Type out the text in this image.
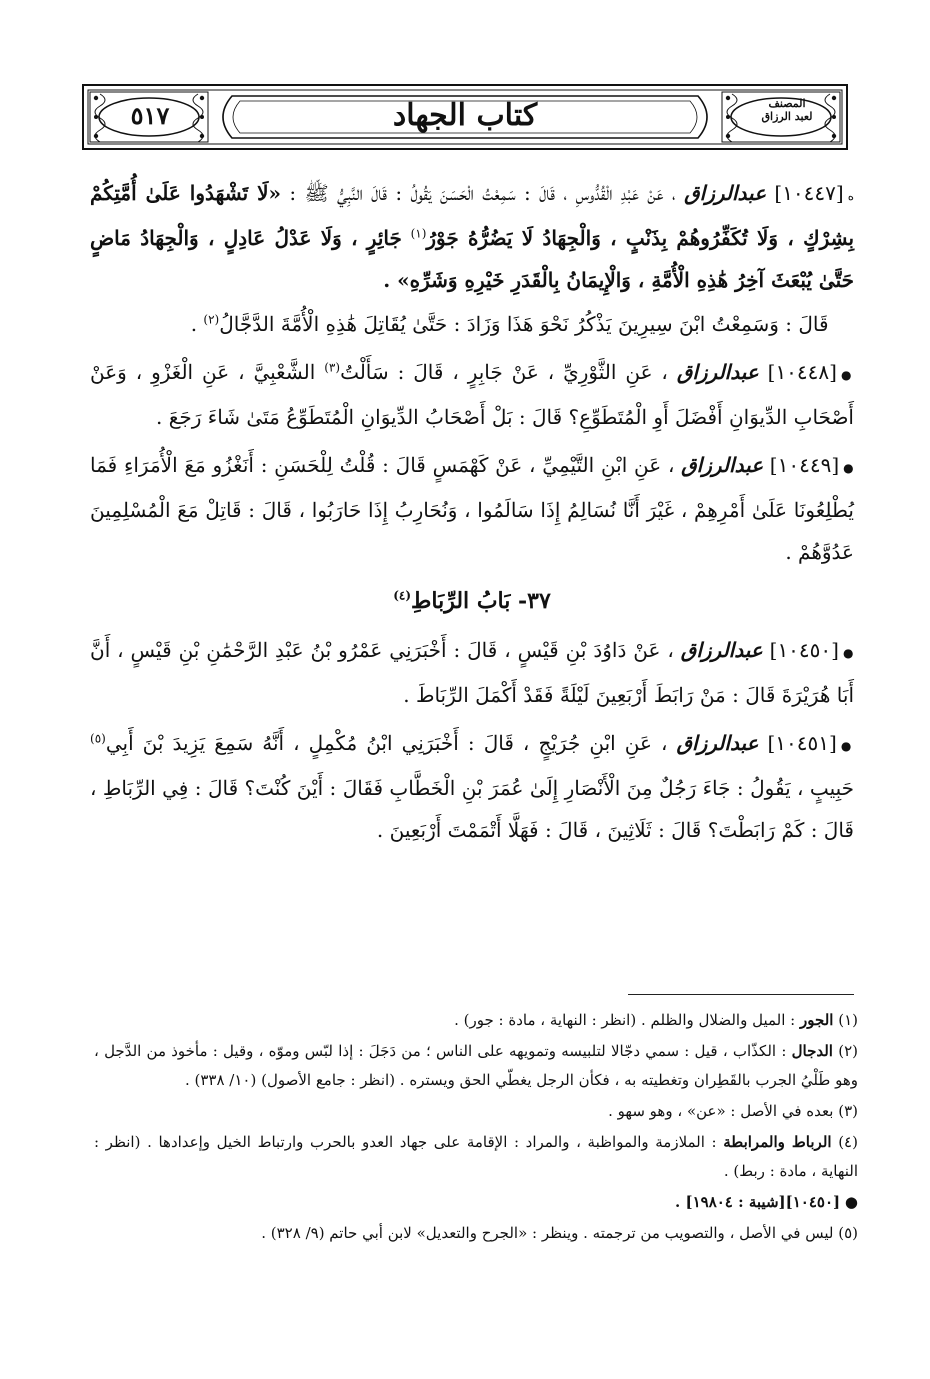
٥١٧	كتاب الجهاد	المصنف
لعبد الرزاق

ه[١٠٤٤٧] عبدالرزاق ، عَنْ عَبْدِ الْقُدُّوسِ ، قَالَ : سَمِعْتُ الْحَسَنَ يَقُولُ : قَالَ النَّبِيُّ ﷺ : «لَا تَشْهَدُوا عَلَىٰ أُمَّتِكُمْ بِشِرْكٍ ، وَلَا تُكَفِّرُوهُمْ بِذَنْبٍ ، وَالْجِهَادُ لَا يَضُرُّهُ جَوْرُ$^{(١)}$ جَائِرٍ ، وَلَا عَدْلُ عَادِلٍ ، وَالْجِهَادُ مَاضٍ حَتَّىٰ يُبْعَثَ آخِرُ هَٰذِهِ الْأُمَّةِ ، وَالْإِيمَانُ بِالْقَدَرِ خَيْرِهِ وَشَرِّهِ» .

قَالَ : وَسَمِعْتُ ابْنَ سِيرِينَ يَذْكُرُ نَحْوَ هَذَا وَزَادَ : حَتَّىٰ يُقَاتِلَ هَٰذِهِ الْأُمَّةَ الدَّجَّالُ$^{(٢)}$ .

●[١٠٤٤٨] عبدالرزاق ، عَنِ الثَّوْرِيِّ ، عَنْ جَابِرٍ ، قَالَ : سَأَلْتُ$^{(٣)}$ الشَّعْبِيَّ ، عَنِ الْغَزْوِ ، وَعَنْ أَصْحَابِ الدِّيوَانِ أَفْضَلَ أَوِ الْمُتَطَوِّعِ؟ قَالَ : بَلْ أَصْحَابُ الدِّيوَانِ الْمُتَطَوِّعُ مَتَىٰ شَاءَ رَجَعَ .

●[١٠٤٤٩] عبدالرزاق ، عَنِ ابْنِ التَّيْمِيِّ ، عَنْ كَهْمَسٍ قَالَ : قُلْتُ لِلْحَسَنِ : أَنَغْزُو مَعَ الْأُمَرَاءِ فَمَا يُطْلِعُونَا عَلَىٰ أَمْرِهِمْ ، غَيْرَ أَنَّا نُسَالِمُ إِذَا سَالَمُوا ، وَنُحَارِبُ إِذَا حَارَبُوا ، قَالَ : قَاتِلْ مَعَ الْمُسْلِمِينَ عَدُوَّهُمْ .

٣٧- بَابُ الرِّبَاطِ$^{(٤)}$

●[١٠٤٥٠] عبدالرزاق ، عَنْ دَاوُدَ بْنِ قَيْسٍ ، قَالَ : أَخْبَرَنِي عَمْرُو بْنُ عَبْدِ الرَّحْمَٰنِ بْنِ قَيْسٍ ، أَنَّ أَبَا هُرَيْرَةَ قَالَ : مَنْ رَابَطَ أَرْبَعِينَ لَيْلَةً فَقَدْ أَكْمَلَ الرِّبَاطَ .

●[١٠٤٥١] عبدالرزاق ، عَنِ ابْنِ جُرَيْجٍ ، قَالَ : أَخْبَرَنِي ابْنُ مُكْمِلٍ ، أَنَّهُ سَمِعَ يَزِيدَ بْنَ أَبِي$^{(٥)}$ حَبِيبٍ ، يَقُولُ : جَاءَ رَجُلٌ مِنَ الْأَنْصَارِ إِلَىٰ عُمَرَ بْنِ الْخَطَّابِ فَقَالَ : أَيْنَ كُنْتَ؟ قَالَ : فِي الرِّبَاطِ ، قَالَ : كَمْ رَابَطْتَ؟ قَالَ : ثَلَاثِينَ ، قَالَ : فَهَلَّا أَتْمَمْتَ أَرْبَعِينَ .

(١) الجور : الميل والضلال والظلم . (انظر : النهاية ، مادة : جور) .

(٢) الدجال : الكذّاب ، قيل : سمي دجّالا لتلبيسه وتمويهه على الناس ؛ من دَجَلَ : إذا لبّس وموّه ، وقيل : مأخوذ من الدَّجل ، وهو طَلْيُ الجرب بالقَطِران وتغطيته به ، فكأن الرجل يغطّي الحق ويستره . (انظر : جامع الأصول) (١٠/ ٣٣٨) .

(٣) بعده في الأصل : «عن» ، وهو سهو .

(٤) الرباط والمرابطة : الملازمة والمواظبة ، والمراد : الإقامة على جهاد العدو بالحرب وارتباط الخيل وإعدادها . (انظر : النهاية ، مادة : ربط) .

● [١٠٤٥٠][شيبة : ١٩٨٠٤] .

(٥) ليس في الأصل ، والتصويب من ترجمته . وينظر : «الجرح والتعديل» لابن أبي حاتم (٩/ ٣٢٨) .
